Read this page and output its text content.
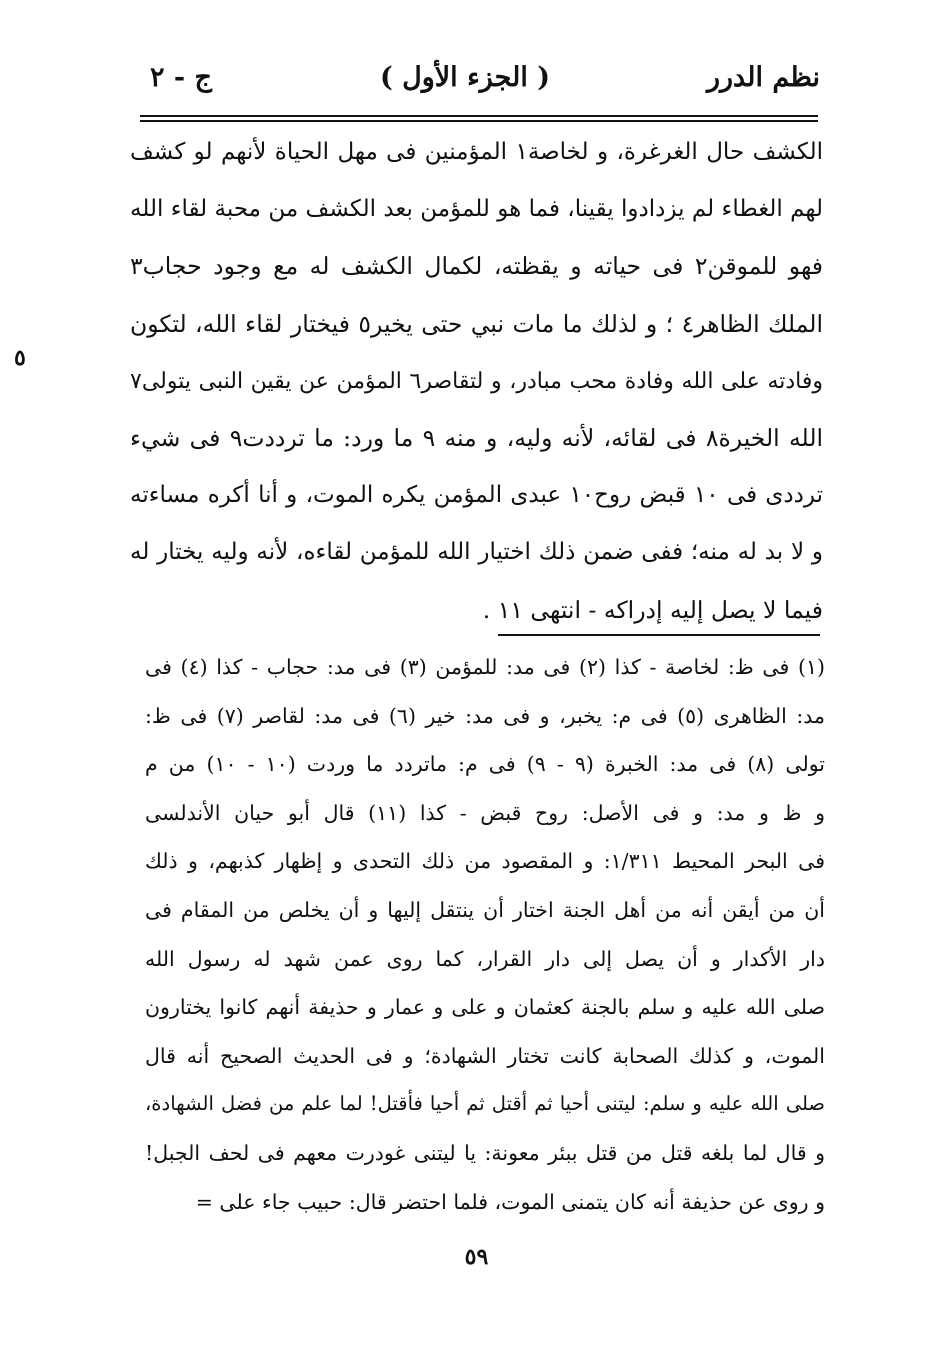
نظم الدرر
( الجزء الأول )
ج - ٢
الكشف حال الغرغرة، و لخاصة١ المؤمنين فى مهل الحياة لأنهم لو كشف
لهم الغطاء لم يزدادوا يقينا، فما هو للمؤمن بعد الكشف من محبة لقاء الله
فهو للموقن٢ فى حياته و يقظته، لكمال الكشف له مع وجود حجاب٣
الملك الظاهر٤ ؛ و لذلك ما مات نبي حتى يخير٥ فيختار لقاء الله، لتكون
وفادته على الله وفادة محب مبادر، و لتقاصر٦ المؤمن عن يقين النبى يتولى٧
الله الخيرة٨ فى لقائه، لأنه وليه، و منه ٩ ما ورد: ما ترددت٩ فى شيء
ترددى فى ١٠ قبض روح١٠ عبدى المؤمن يكره الموت، و أنا أكره مساءته
و لا بد له منه؛ ففى ضمن ذلك اختيار الله للمؤمن لقاءه، لأنه وليه يختار له
فيما لا يصل إليه إدراكه - انتهى ١١ .
٥
(١) فى ظ: لخاصة - كذا (٢) فى مد: للمؤمن (٣) فى مد: حجاب - كذا (٤) فى
مد: الظاهرى (٥) فى م: يخبر، و فى مد: خير (٦) فى مد: لقاصر (٧) فى ظ:
تولى (٨) فى مد: الخبرة (٩ - ٩) فى م: ماتردد ما وردت (١٠ - ١٠) من م
و ظ و مد: و فى الأصل: روح قبض - كذا (١١) قال أبو حيان الأندلسى
فى البحر المحيط ١/٣١١: و المقصود من ذلك التحدى و إظهار كذبهم، و ذلك
أن من أيقن أنه من أهل الجنة اختار أن ينتقل إليها و أن يخلص من المقام فى
دار الأكدار و أن يصل إلى دار القرار، كما روى عمن شهد له رسول الله
صلى الله عليه و سلم بالجنة كعثمان و على و عمار و حذيفة أنهم كانوا يختارون
الموت، و كذلك الصحابة كانت تختار الشهادة؛ و فى الحديث الصحيح أنه قال
صلى الله عليه و سلم: ليتنى أحيا ثم أقتل ثم أحيا فأقتل! لما علم من فضل الشهادة،
و قال لما بلغه قتل من قتل ببئر معونة: يا ليتنى غودرت معهم فى لحف الجبل!
و روى عن حذيفة أنه كان يتمنى الموت، فلما احتضر قال: حبيب جاء على =
٥٩
